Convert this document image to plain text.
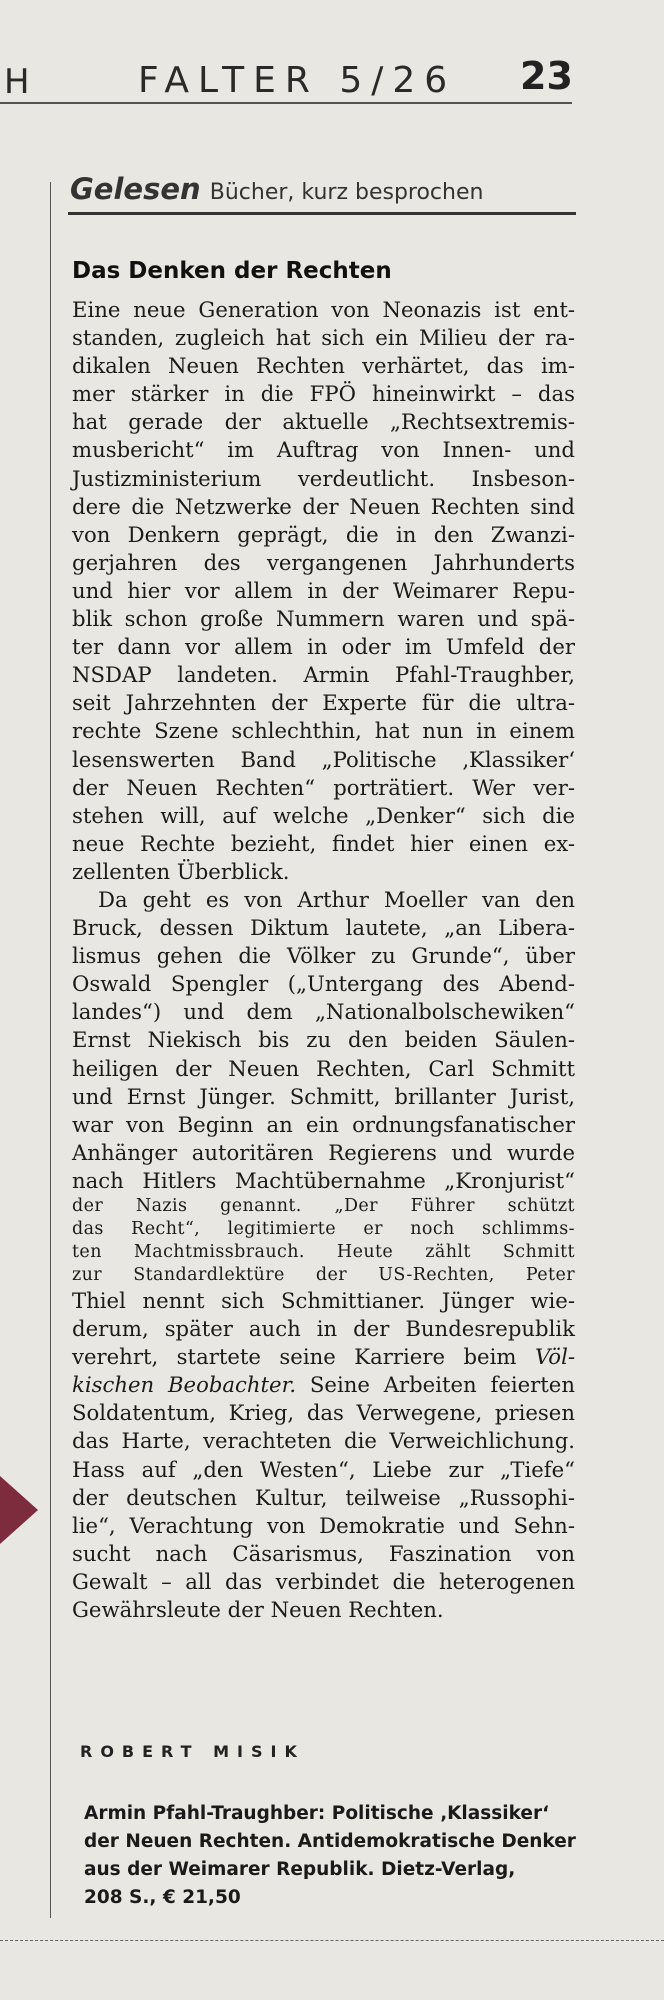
H	FALTER 5/26 23
Gelesen Bücher, kurz besprochen
Das Denken der Rechten

Eine neue Generation von Neonazis ist ent-
standen, zugleich hat sich ein Milieu der ra-
dikalen Neuen Rechten verhärtet, das im-
mer stärker in die FPÖ hineinwirkt – das
hat gerade der aktuelle „Rechtsextremis-
musbericht“ im Auftrag von Innen- und
Justizministerium verdeutlicht. Insbeson-
dere die Netzwerke der Neuen Rechten sind
von Denkern geprägt, die in den Zwanzi-
gerjahren des vergangenen Jahrhunderts
und hier vor allem in der Weimarer Repu-
blik schon große Nummern waren und spä-
ter dann vor allem in oder im Umfeld der
NSDAP landeten. Armin Pfahl-Traughber,
seit Jahrzehnten der Experte für die ultra-
rechte Szene schlechthin, hat nun in einem
lesenswerten Band „Politische ‚Klassiker‘
der Neuen Rechten“ porträtiert. Wer ver-
stehen will, auf welche „Denker“ sich die
neue Rechte bezieht, findet hier einen ex-
zellenten Überblick.

Da geht es von Arthur Moeller van den
Bruck, dessen Diktum lautete, „an Libera-
lismus gehen die Völker zu Grunde“, über
Oswald Spengler („Untergang des Abend-
landes“) und dem „Nationalbolschewiken“
Ernst Niekisch bis zu den beiden Säulen-
heiligen der Neuen Rechten, Carl Schmitt
und Ernst Jünger. Schmitt, brillanter Jurist,
war von Beginn an ein ordnungsfanatischer
Anhänger autoritären Regierens und wurde
nach Hitlers Machtübernahme „Kronjurist“
der Nazis genannt. „Der Führer schützt
das Recht“, legitimierte er noch schlimms-
ten Machtmissbrauch. Heute zählt Schmitt
zur Standardlektüre der US-Rechten, Peter
Thiel nennt sich Schmittianer. Jünger wie-
derum, später auch in der Bundesrepublik
verehrt, startete seine Karriere beim Völ-
kischen Beobachter. Seine Arbeiten feierten
Soldatentum, Krieg, das Verwegene, priesen
das Harte, verachteten die Verweichlichung.
Hass auf „den Westen“, Liebe zur „Tiefe“
der deutschen Kultur, teilweise „Russophi-
lie“, Verachtung von Demokratie und Sehn-
sucht nach Cäsarismus, Faszination von
Gewalt – all das verbindet die heterogenen
Gewährsleute der Neuen Rechten.

ROBERT MISIK
Armin Pfahl-Traughber: Politische ‚Klassiker‘
der Neuen Rechten. Antidemokratische Denker
aus der Weimarer Republik. Dietz-Verlag,
208 S., € 21,50
